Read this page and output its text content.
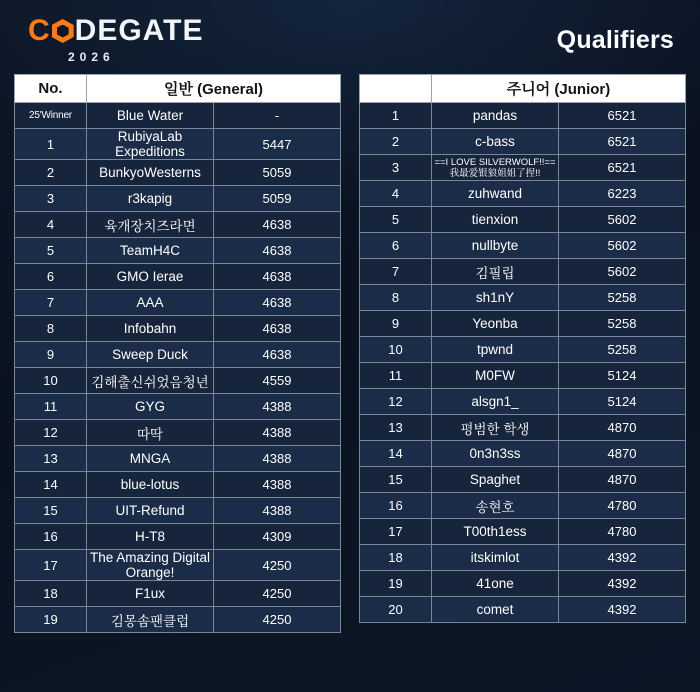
C DEGATE
2026
Qualifiers
No.	일반 (General)	
25'Winner	Blue Water	-
1	RubiyaLab Expeditions	5447
2	BunkyoWesterns	5059
3	r3kapig	5059
4	육개장치즈라면	4638
5	TeamH4C	4638
6	GMO Ierae	4638
7	AAA	4638
8	Infobahn	4638
9	Sweep Duck	4638
10	김해출신쉬었음청년	4559
11	GYG	4388
12	따딱	4388
13	MNGA	4388
14	blue-lotus	4388
15	UIT-Refund	4388
16	H-T8	4309
17	The Amazing Digital Orange!	4250
18	F1ux	4250
19	김몽솜팬클럽	4250
	주니어 (Junior)	
1	pandas	6521
2	c-bass	6521
3	==I LOVE SILVERWOLF!!==我最爱银狼姐姐了捏!!	6521
4	zuhwand	6223
5	tienxion	5602
6	nullbyte	5602
7	김필립	5602
8	sh1nY	5258
9	Yeonba	5258
10	tpwnd	5258
11	M0FW	5124
12	alsgn1_	5124
13	평범한 학생	4870
14	0n3n3ss	4870
15	Spaghet	4870
16	송현호	4780
17	T00th1ess	4780
18	itskimlot	4392
19	41one	4392
20	comet	4392
